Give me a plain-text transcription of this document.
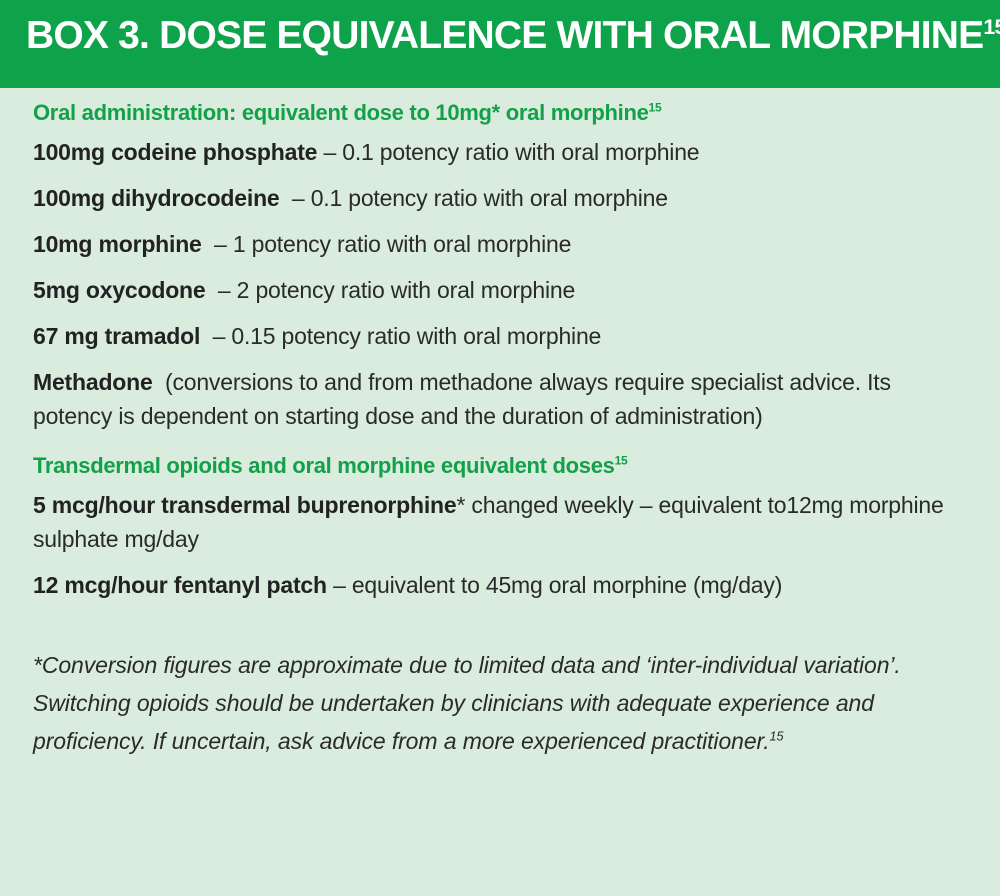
BOX 3. DOSE EQUIVALENCE WITH ORAL MORPHINE$^{15}$

Oral administration: equivalent dose to 10mg* oral morphine$^{15}$

100mg codeine phosphate – 0.1 potency ratio with oral morphine

100mg dihydrocodeine – 0.1 potency ratio with oral morphine

10mg morphine – 1 potency ratio with oral morphine

5mg oxycodone – 2 potency ratio with oral morphine

67 mg tramadol – 0.15 potency ratio with oral morphine

Methadone (conversions to and from methadone always require specialist advice. Its potency is dependent on starting dose and the duration of administration)

Transdermal opioids and oral morphine equivalent doses$^{15}$

5 mcg/hour transdermal buprenorphine* changed weekly – equivalent to12mg morphine sulphate mg/day

12 mcg/hour fentanyl patch – equivalent to 45mg oral morphine (mg/day)

*Conversion figures are approximate due to limited data and ‘inter-individual variation’. Switching opioids should be undertaken by clinicians with adequate experience and proficiency. If uncertain, ask advice from a more experienced practitioner.$^{15}$
